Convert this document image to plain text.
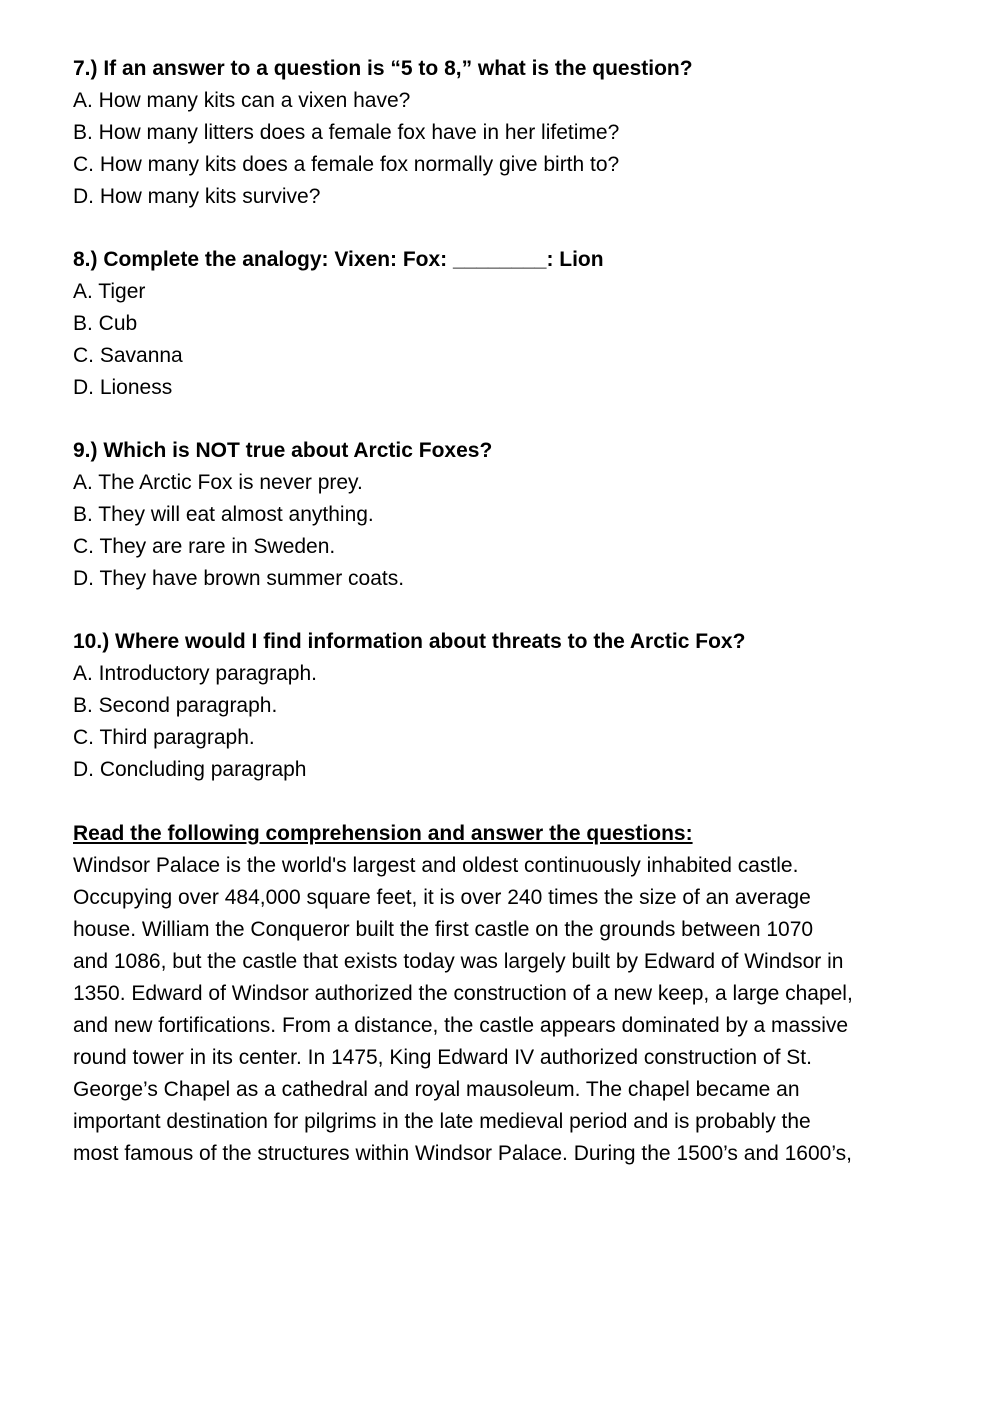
7.) If an answer to a question is “5 to 8,” what is the question?
A. How many kits can a vixen have?
B. How many litters does a female fox have in her lifetime?
C. How many kits does a female fox normally give birth to?
D. How many kits survive?
8.) Complete the analogy: Vixen: Fox: ________: Lion
A. Tiger
B. Cub
C. Savanna
D. Lioness
9.) Which is NOT true about Arctic Foxes?
A. The Arctic Fox is never prey.
B. They will eat almost anything.
C. They are rare in Sweden.
D. They have brown summer coats.
10.) Where would I find information about threats to the Arctic Fox?
A. Introductory paragraph.
B. Second paragraph.
C. Third paragraph.
D. Concluding paragraph
Read the following comprehension and answer the questions:
Windsor Palace is the world's largest and oldest continuously inhabited castle.
Occupying over 484,000 square feet, it is over 240 times the size of an average
house. William the Conqueror built the first castle on the grounds between 1070
and 1086, but the castle that exists today was largely built by Edward of Windsor in
1350. Edward of Windsor authorized the construction of a new keep, a large chapel,
and new fortifications. From a distance, the castle appears dominated by a massive
round tower in its center. In 1475, King Edward IV authorized construction of St.
George’s Chapel as a cathedral and royal mausoleum. The chapel became an
important destination for pilgrims in the late medieval period and is probably the
most famous of the structures within Windsor Palace. During the 1500’s and 1600’s,
